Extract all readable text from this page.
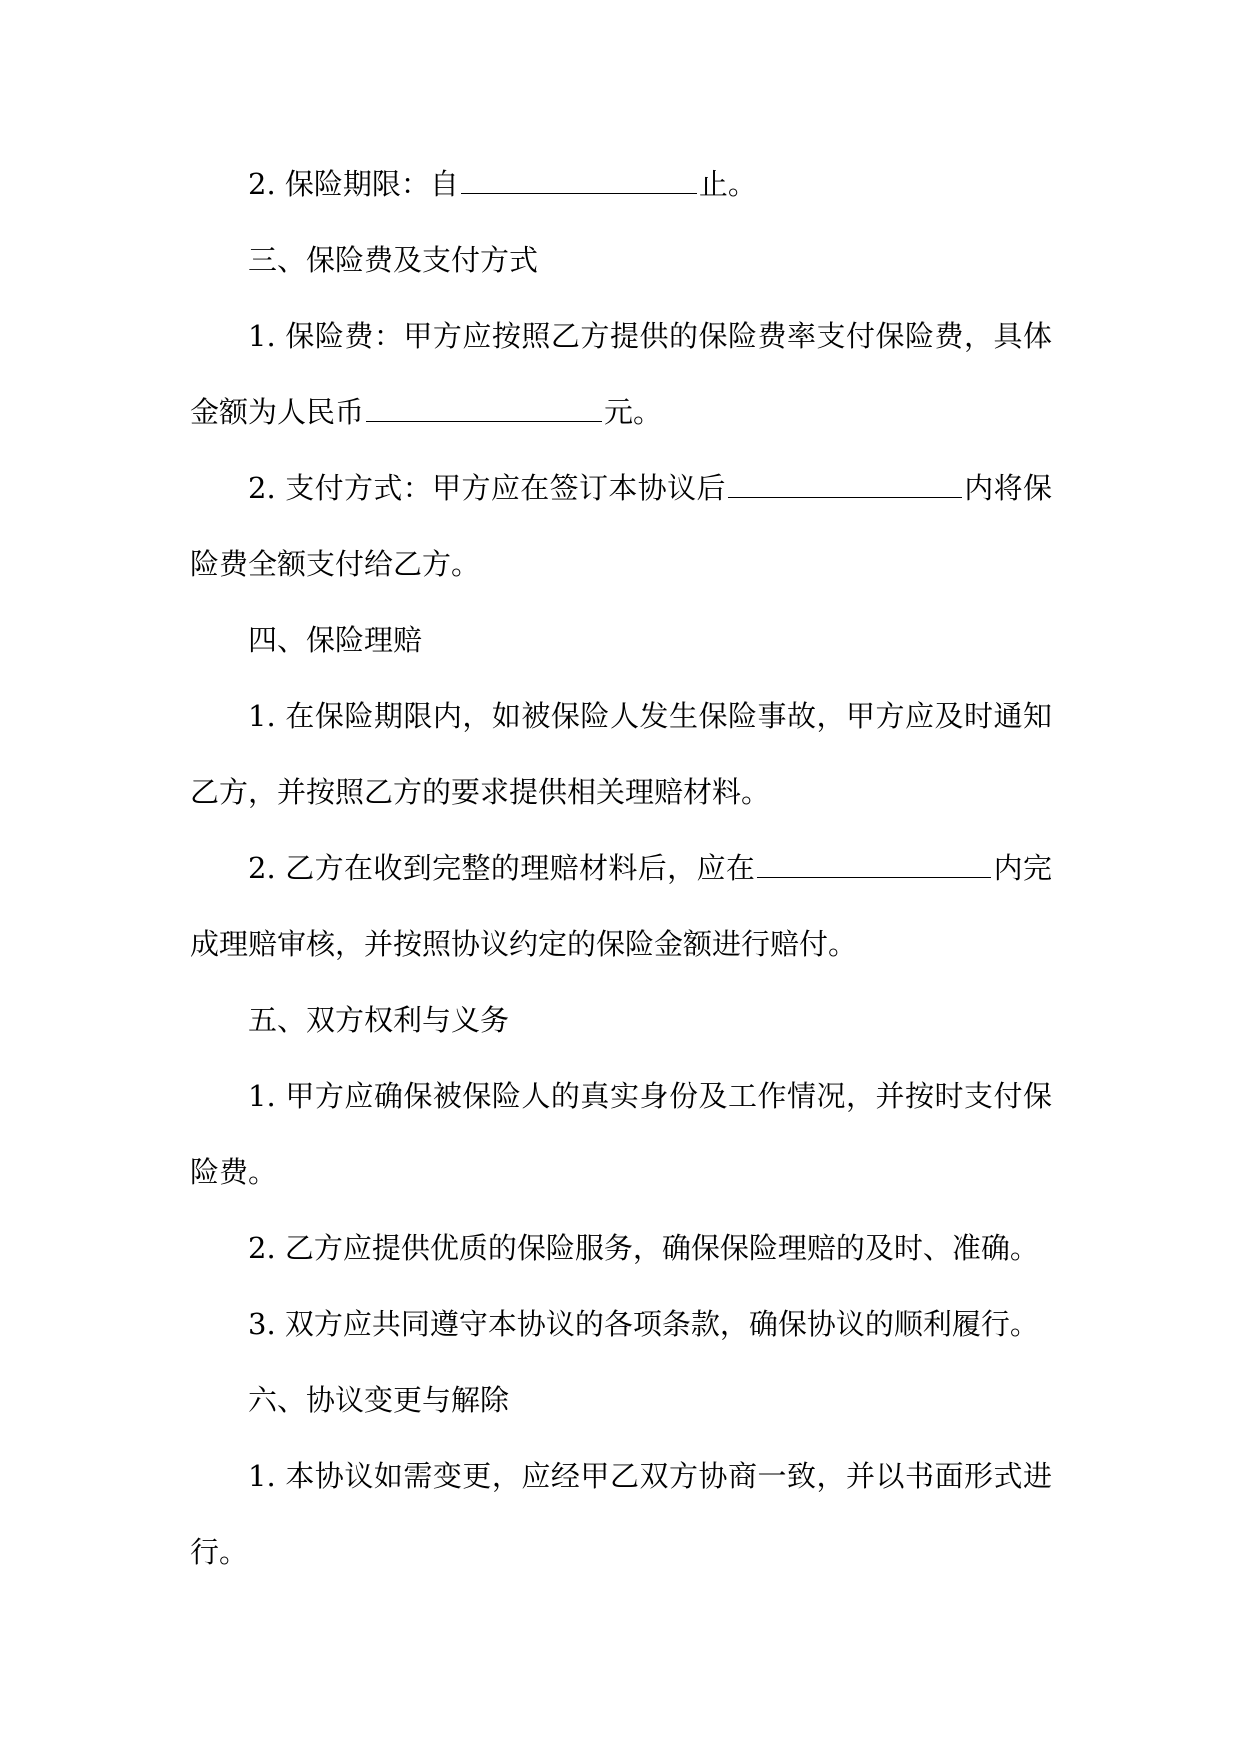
2. 保险期限：自	止。

三、保险费及支付方式

1. 保险费：甲方应按照乙方提供的保险费率支付保险费，具体金额为人民币	元。

2. 支付方式：甲方应在签订本协议后	内将保险费全额支付给乙方。

四、保险理赔

1. 在保险期限内，如被保险人发生保险事故，甲方应及时通知乙方，并按照乙方的要求提供相关理赔材料。

2. 乙方在收到完整的理赔材料后，应在	内完成理赔审核，并按照协议约定的保险金额进行赔付。

五、双方权利与义务

1. 甲方应确保被保险人的真实身份及工作情况，并按时支付保险费。

2. 乙方应提供优质的保险服务，确保保险理赔的及时、准确。

3. 双方应共同遵守本协议的各项条款，确保协议的顺利履行。

六、协议变更与解除

1. 本协议如需变更，应经甲乙双方协商一致，并以书面形式进行。
